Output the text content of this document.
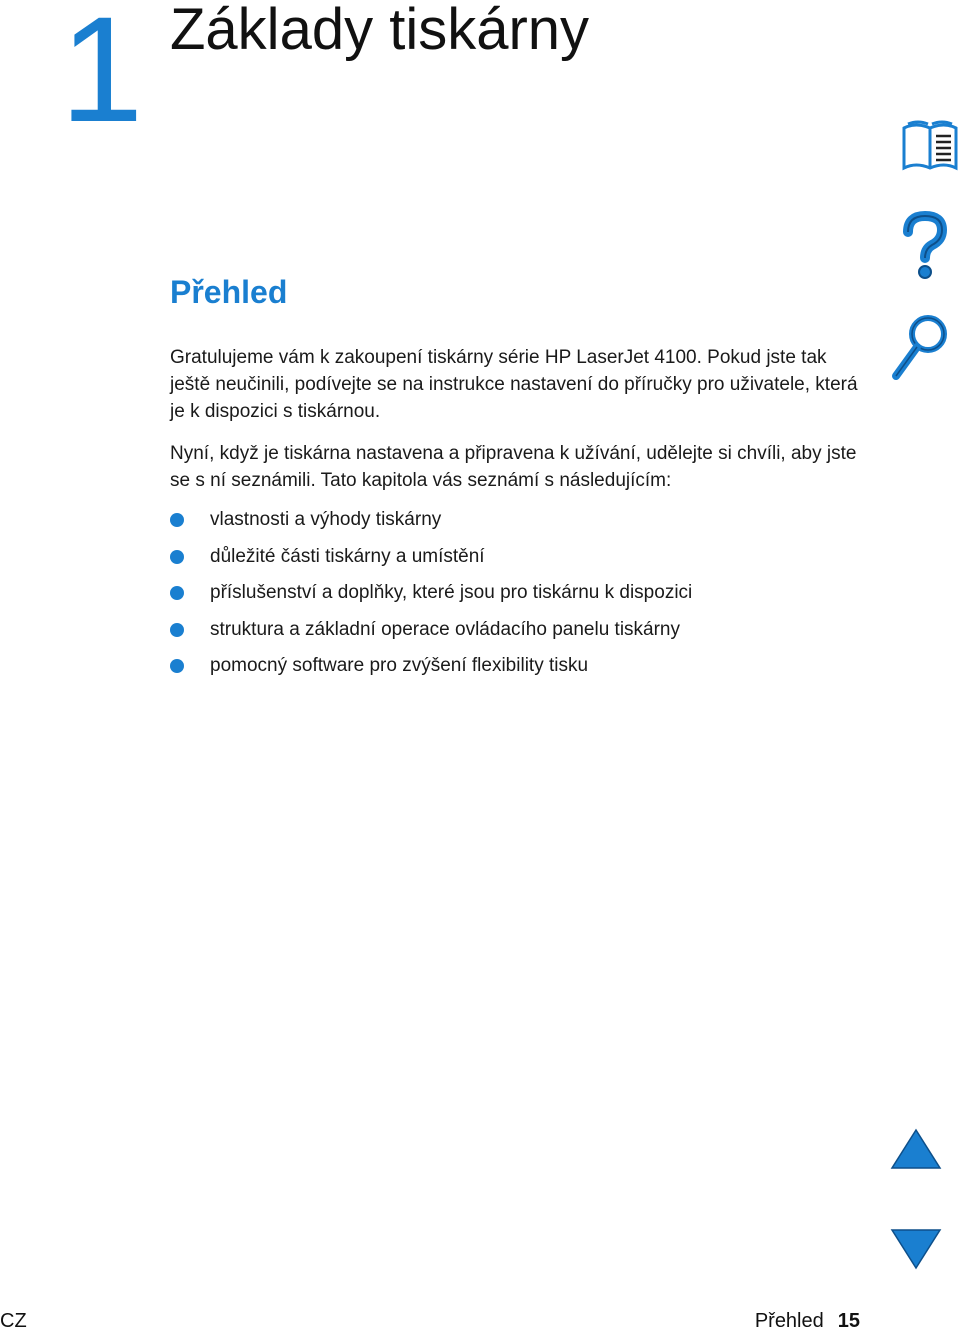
1 Základy tiskárny
Přehled
Gratulujeme vám k zakoupení tiskárny série HP LaserJet 4100. Pokud jste tak ještě neučinili, podívejte se na instrukce nastavení do příručky pro uživatele, která je k dispozici s tiskárnou.
Nyní, když je tiskárna nastavena a připravena k užívání, udělejte si chvíli, aby jste se s ní seznámili. Tato kapitola vás seznámí s následujícím:
vlastnosti a výhody tiskárny
důležité části tiskárny a umístění
příslušenství a doplňky, které jsou pro tiskárnu k dispozici
struktura a základní operace ovládacího panelu tiskárny
pomocný software pro zvýšení flexibility tisku
CZ	Přehled 15
